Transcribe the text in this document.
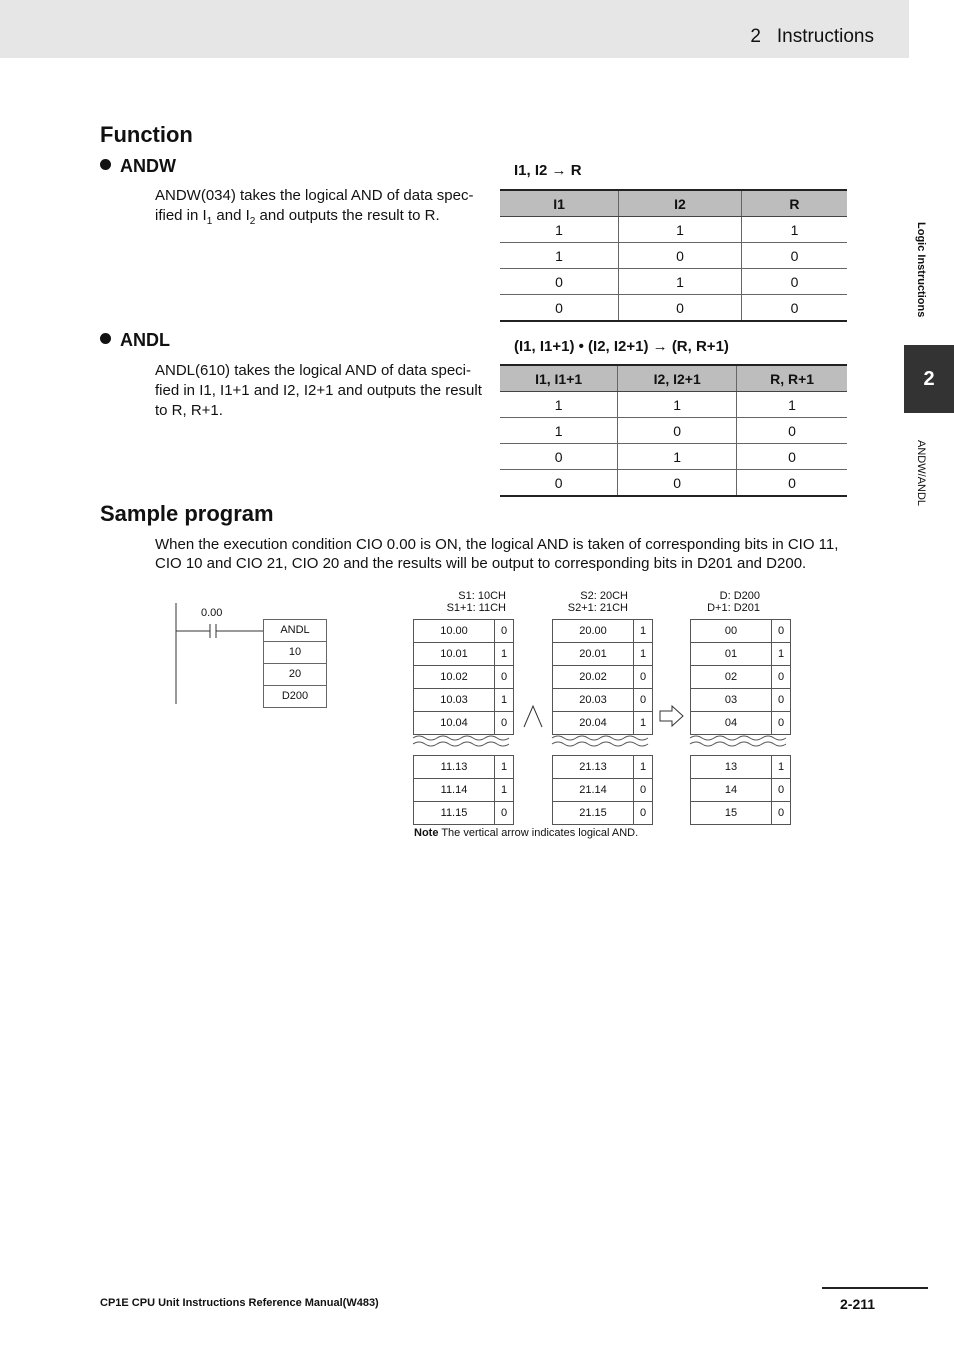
2 Instructions
Logic Instructions
2
ANDW/ANDL
Function
ANDW
ANDW(034) takes the logical AND of data spec-
ified in $I_1$ and $I_2$ and outputs the result to R.
I1, I2 → R
I1	I2	R
1	1	1
1	0	0
0	1	0
0	0	0
ANDL
ANDL(610) takes the logical AND of data speci-
fied in I1, I1+1 and I2, I2+1 and outputs the result
to R, R+1.
(I1, I1+1) • (I2, I2+1) → (R, R+1)
I1, I1+1	I2, I2+1	R, R+1
1	1	1
1	0	0
0	1	0
0	0	0
Sample program
When the execution condition CIO 0.00 is ON, the logical AND is taken of corresponding bits in CIO 11,
CIO 10 and CIO 21, CIO 20 and the results will be output to corresponding bits in D201 and D200.
0.00
ANDL
10
20
D200
S1: 10CH
S1+1: 11CH
10.00	0
10.01	1
10.02	0
10.03	1
10.04	0

11.13	1
11.14	1
11.15	0
S2: 20CH
S2+1: 21CH
20.00	1
20.01	1
20.02	0
20.03	0
20.04	1

21.13	1
21.14	0
21.15	0
D: D200
D+1: D201
00	0
01	1
02	0
03	0
04	0

13	1
14	0
15	0
Note The vertical arrow indicates logical AND.
CP1E CPU Unit Instructions Reference Manual(W483)	2-211
